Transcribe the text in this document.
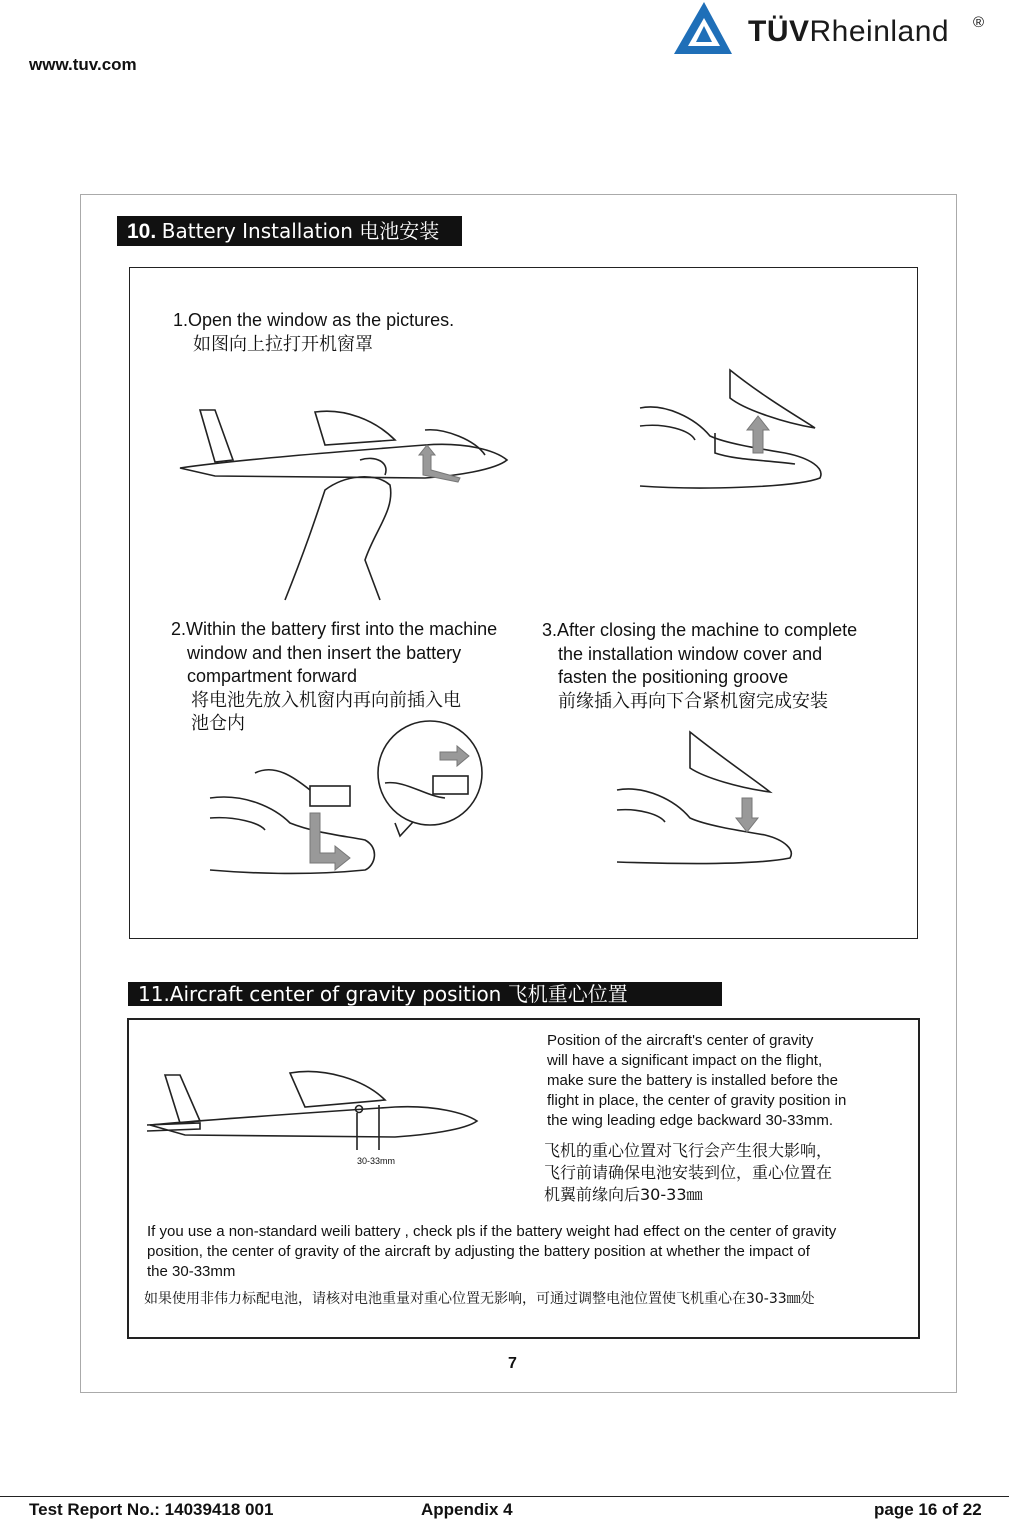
www.tuv.com
TÜVRheinland ®
10. Battery Installation 电池安装
1.Open the window as the pictures.
如图向上拉打开机窗罩
2.Within the battery first into the machine
window and then insert the battery
compartment forward
将电池先放入机窗内再向前插入电
池仓内
3.After closing the machine to complete
the installation window cover and
fasten the positioning groove
前缘插入再向下合紧机窗完成安装
11.Aircraft center of gravity position 飞机重心位置
30-33mm
Position of the aircraft's center of gravity
will have a significant impact on the flight,
make sure the battery is installed before the
flight in place, the center of gravity position in
the wing leading edge backward 30-33mm.
飞机的重心位置对飞行会产生很大影响，
飞行前请确保电池安装到位，重心位置在
机翼前缘向后30-33㎜
If you use a non-standard weili battery , check pls if the battery weight had effect on the center of gravity
position, the center of gravity of the aircraft by adjusting the battery position at whether the impact of
the 30-33mm
如果使用非伟力标配电池，请核对电池重量对重心位置无影响，可通过调整电池位置使飞机重心在30-33㎜处
7
Test Report No.: 14039418 001	Appendix 4	page 16 of 22
